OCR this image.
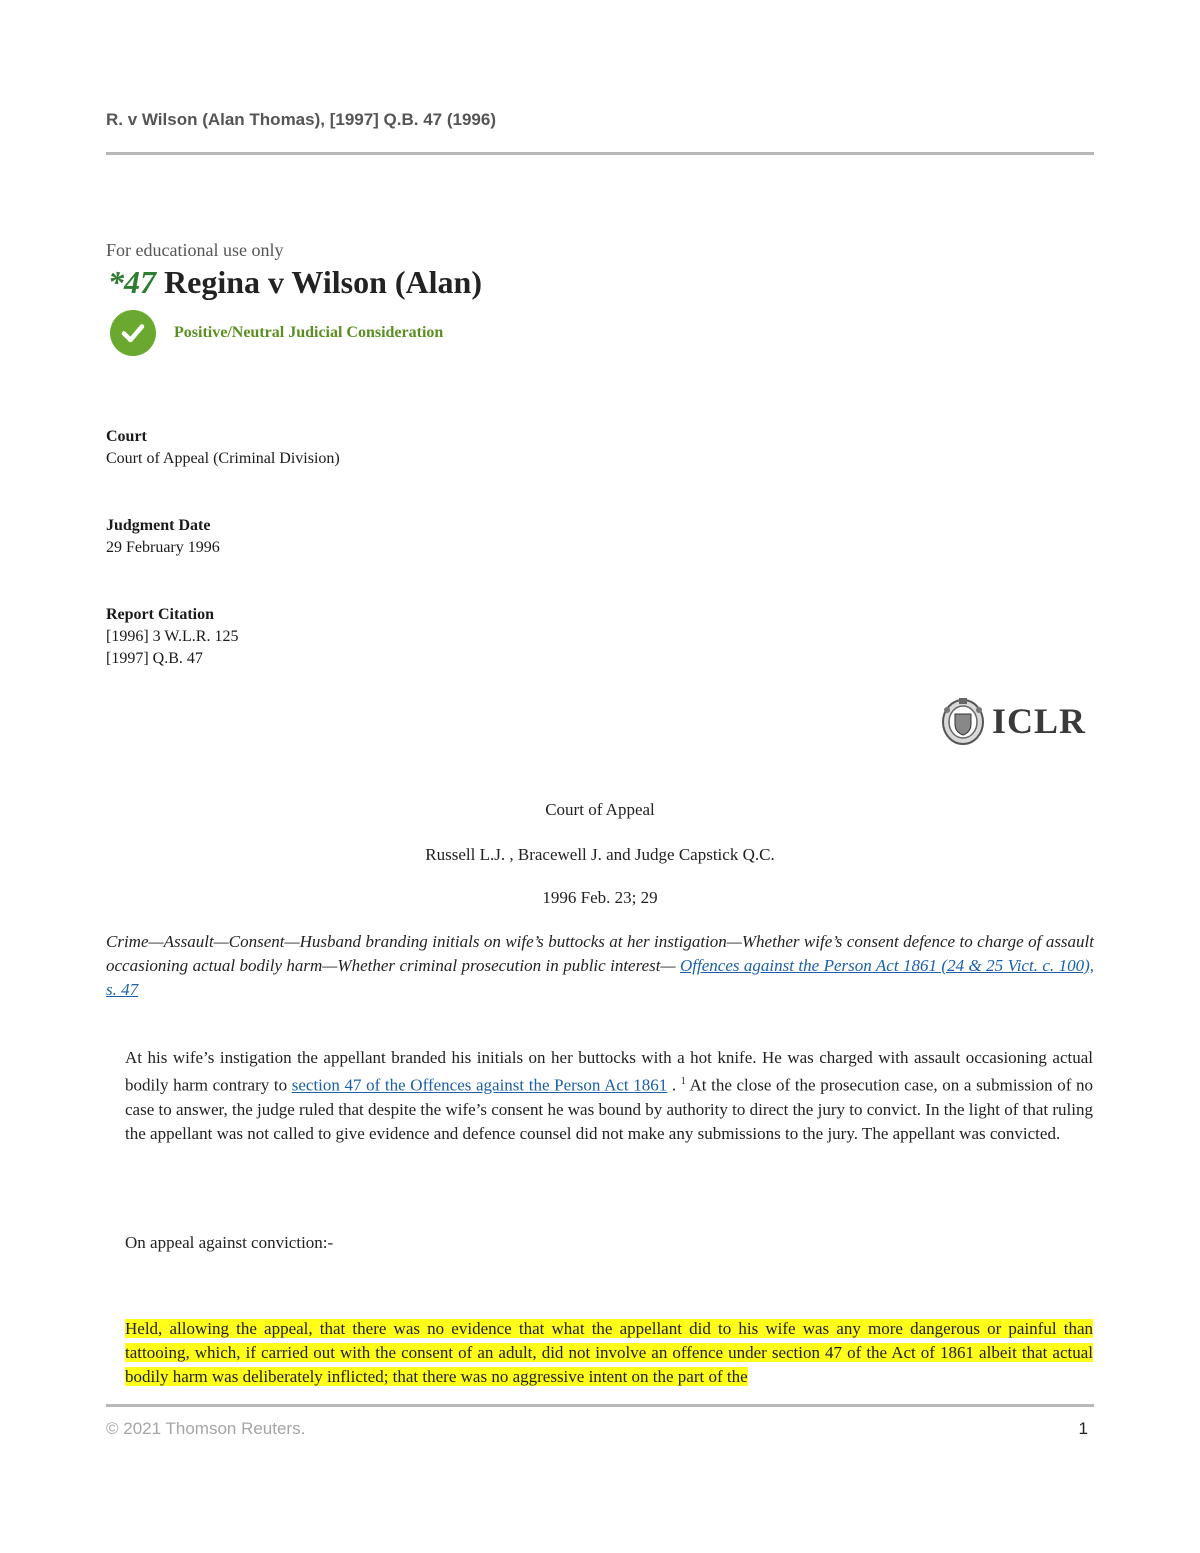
R. v Wilson (Alan Thomas), [1997] Q.B. 47 (1996)
For educational use only
*47 Regina v Wilson (Alan)
Positive/Neutral Judicial Consideration
Court
Court of Appeal (Criminal Division)
Judgment Date
29 February 1996
Report Citation
[1996] 3 W.L.R. 125
[1997] Q.B. 47
ICLR
Court of Appeal
Russell L.J. , Bracewell J. and Judge Capstick Q.C.
1996 Feb. 23; 29
Crime—Assault—Consent—Husband branding initials on wife’s buttocks at her instigation—Whether wife’s consent defence to charge of assault occasioning actual bodily harm—Whether criminal prosecution in public interest— Offences against the Person Act 1861 (24 & 25 Vict. c. 100), s. 47
At his wife’s instigation the appellant branded his initials on her buttocks with a hot knife. He was charged with assault occasioning actual bodily harm contrary to section 47 of the Offences against the Person Act 1861 . $^1$ At the close of the prosecution case, on a submission of no case to answer, the judge ruled that despite the wife’s consent he was bound by authority to direct the jury to convict. In the light of that ruling the appellant was not called to give evidence and defence counsel did not make any submissions to the jury. The appellant was convicted.
On appeal against conviction:-
Held, allowing the appeal, that there was no evidence that what the appellant did to his wife was any more dangerous or painful than tattooing, which, if carried out with the consent of an adult, did not involve an offence under section 47 of the Act of 1861 albeit that actual bodily harm was deliberately inflicted; that there was no aggressive intent on the part of the
© 2021 Thomson Reuters.	1
